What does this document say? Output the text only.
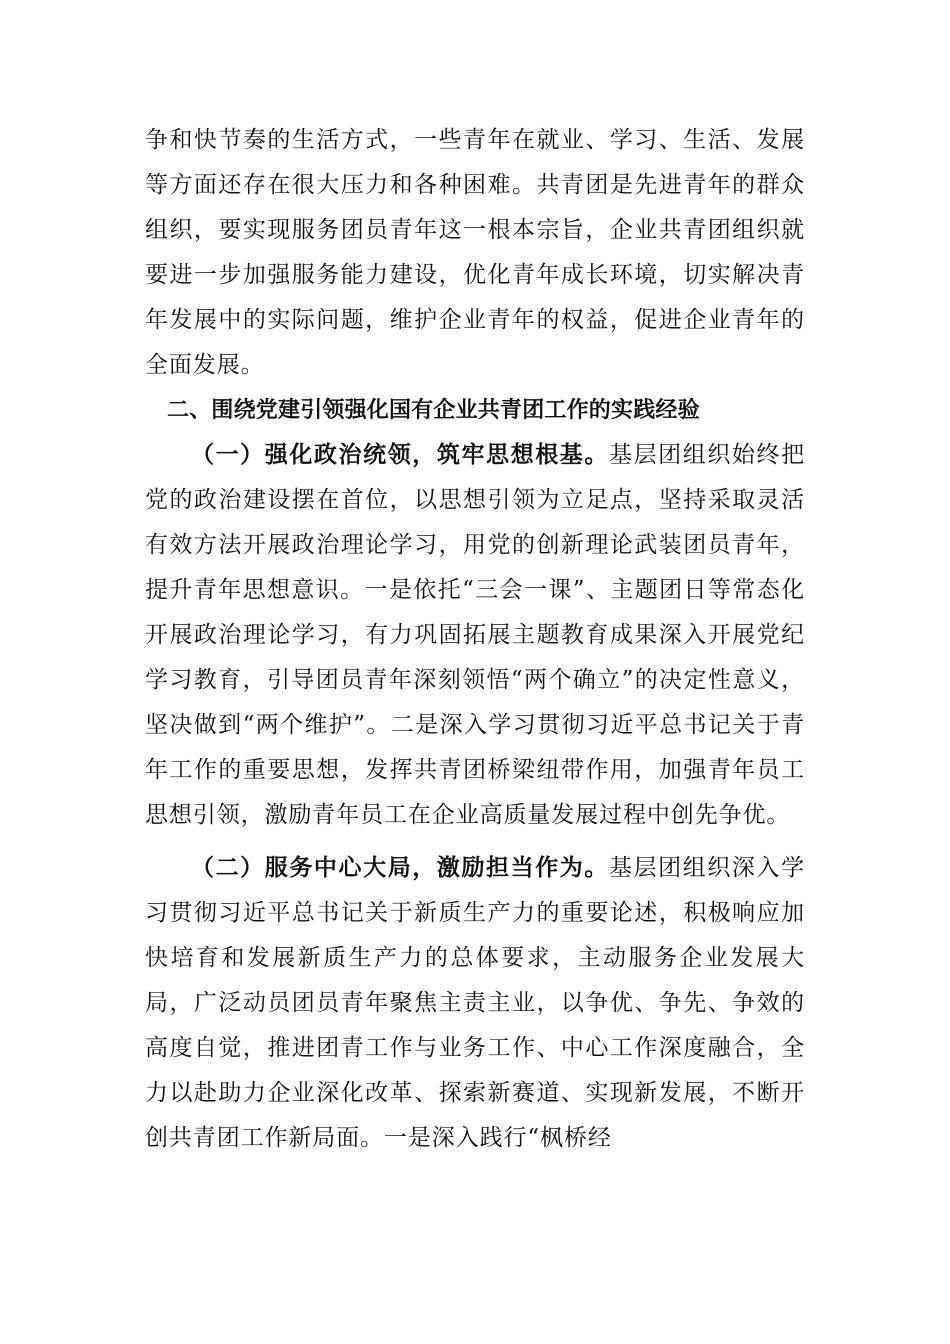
争和快节奏的生活方式，一些青年在就业、学习、生活、发展等方面还存在很大压力和各种困难。共青团是先进青年的群众组织，要实现服务团员青年这一根本宗旨，企业共青团组织就要进一步加强服务能力建设，优化青年成长环境，切实解决青年发展中的实际问题，维护企业青年的权益，促进企业青年的全面发展。

二、围绕党建引领强化国有企业共青团工作的实践经验

（一）强化政治统领，筑牢思想根基。基层团组织始终把党的政治建设摆在首位，以思想引领为立足点，坚持采取灵活有效方法开展政治理论学习，用党的创新理论武装团员青年，提升青年思想意识。一是依托“三会一课”、主题团日等常态化开展政治理论学习，有力巩固拓展主题教育成果深入开展党纪学习教育，引导团员青年深刻领悟“两个确立”的决定性意义，坚决做到“两个维护”。二是深入学习贯彻习近平总书记关于青年工作的重要思想，发挥共青团桥梁纽带作用，加强青年员工思想引领，激励青年员工在企业高质量发展过程中创先争优。

（二）服务中心大局，激励担当作为。基层团组织深入学习贯彻习近平总书记关于新质生产力的重要论述，积极响应加快培育和发展新质生产力的总体要求，主动服务企业发展大局，广泛动员团员青年聚焦主责主业，以争优、争先、争效的高度自觉，推进团青工作与业务工作、中心工作深度融合，全力以赴助力企业深化改革、探索新赛道、实现新发展，不断开创共青团工作新局面。一是深入践行“枫桥经
